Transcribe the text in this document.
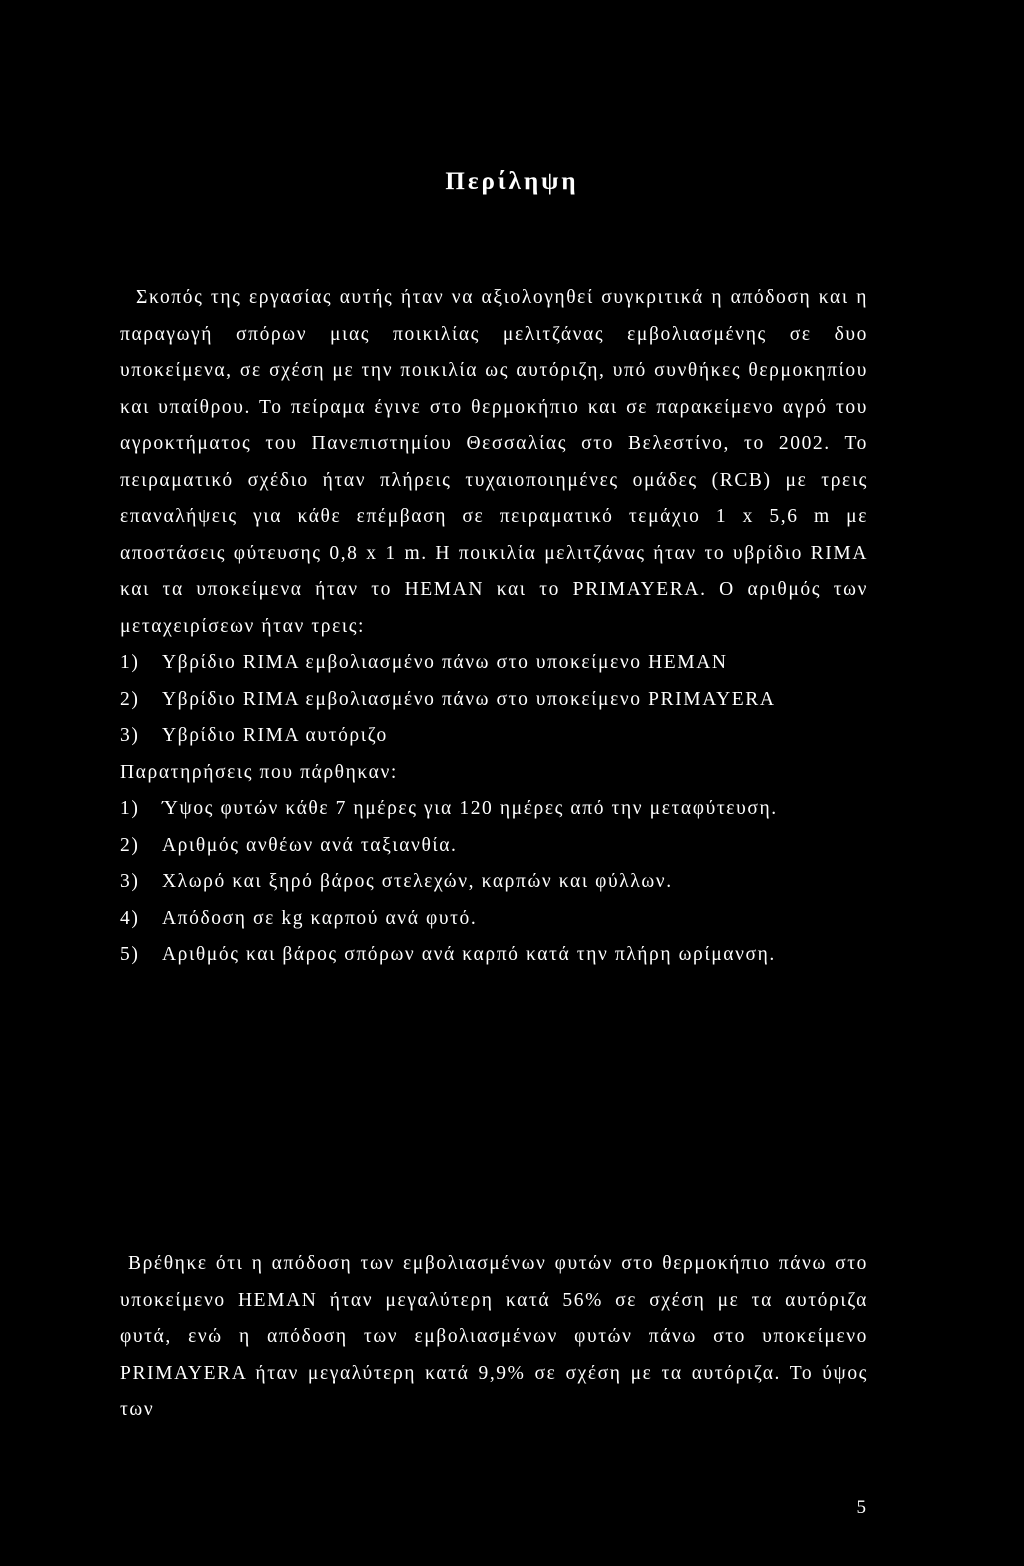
Περίληψη

Σκοπός της εργασίας αυτής ήταν να αξιολογηθεί συγκριτικά η απόδοση και η παραγωγή σπόρων μιας ποικιλίας μελιτζάνας εμβολιασμένης σε δυο υποκείμενα, σε σχέση με την ποικιλία ως αυτόριζη, υπό συνθήκες θερμοκηπίου και υπαίθρου. Το πείραμα έγινε στο θερμοκήπιο και σε παρακείμενο αγρό του αγροκτήματος του Πανεπιστημίου Θεσσαλίας στο Βελεστίνο, το 2002. Το πειραματικό σχέδιο ήταν πλήρεις τυχαιοποιημένες ομάδες (RCB) με τρεις επαναλήψεις για κάθε επέμβαση σε πειραματικό τεμάχιο 1 x 5,6 m με αποστάσεις φύτευσης 0,8 x 1 m. Η ποικιλία μελιτζάνας ήταν το υβρίδιο RIMA και τα υποκείμενα ήταν το HEMAN και το PRIMAYERA. Ο αριθμός των μεταχειρίσεων ήταν τρεις:

1) Υβρίδιο RIMA εμβολιασμένο πάνω στο υποκείμενο HEMAN
2) Υβρίδιο RIMA εμβολιασμένο πάνω στο υποκείμενο PRIMAYERA
3) Υβρίδιο RIMA αυτόριζο

Παρατηρήσεις που πάρθηκαν:

1) Ύψος φυτών κάθε 7 ημέρες για 120 ημέρες από την μεταφύτευση.
2) Αριθμός ανθέων ανά ταξιανθία.
3) Χλωρό και ξηρό βάρος στελεχών, καρπών και φύλλων.
4) Απόδοση σε kg καρπού ανά φυτό.
5) Αριθμός και βάρος σπόρων ανά καρπό κατά την πλήρη ωρίμανση.

Βρέθηκε ότι η απόδοση των εμβολιασμένων φυτών στο θερμοκήπιο πάνω στο υποκείμενο HEMAN ήταν μεγαλύτερη κατά 56% σε σχέση με τα αυτόριζα φυτά, ενώ η απόδοση των εμβολιασμένων φυτών πάνω στο υποκείμενο PRIMAYERA ήταν μεγαλύτερη κατά 9,9% σε σχέση με τα αυτόριζα. Το ύψος των

5
